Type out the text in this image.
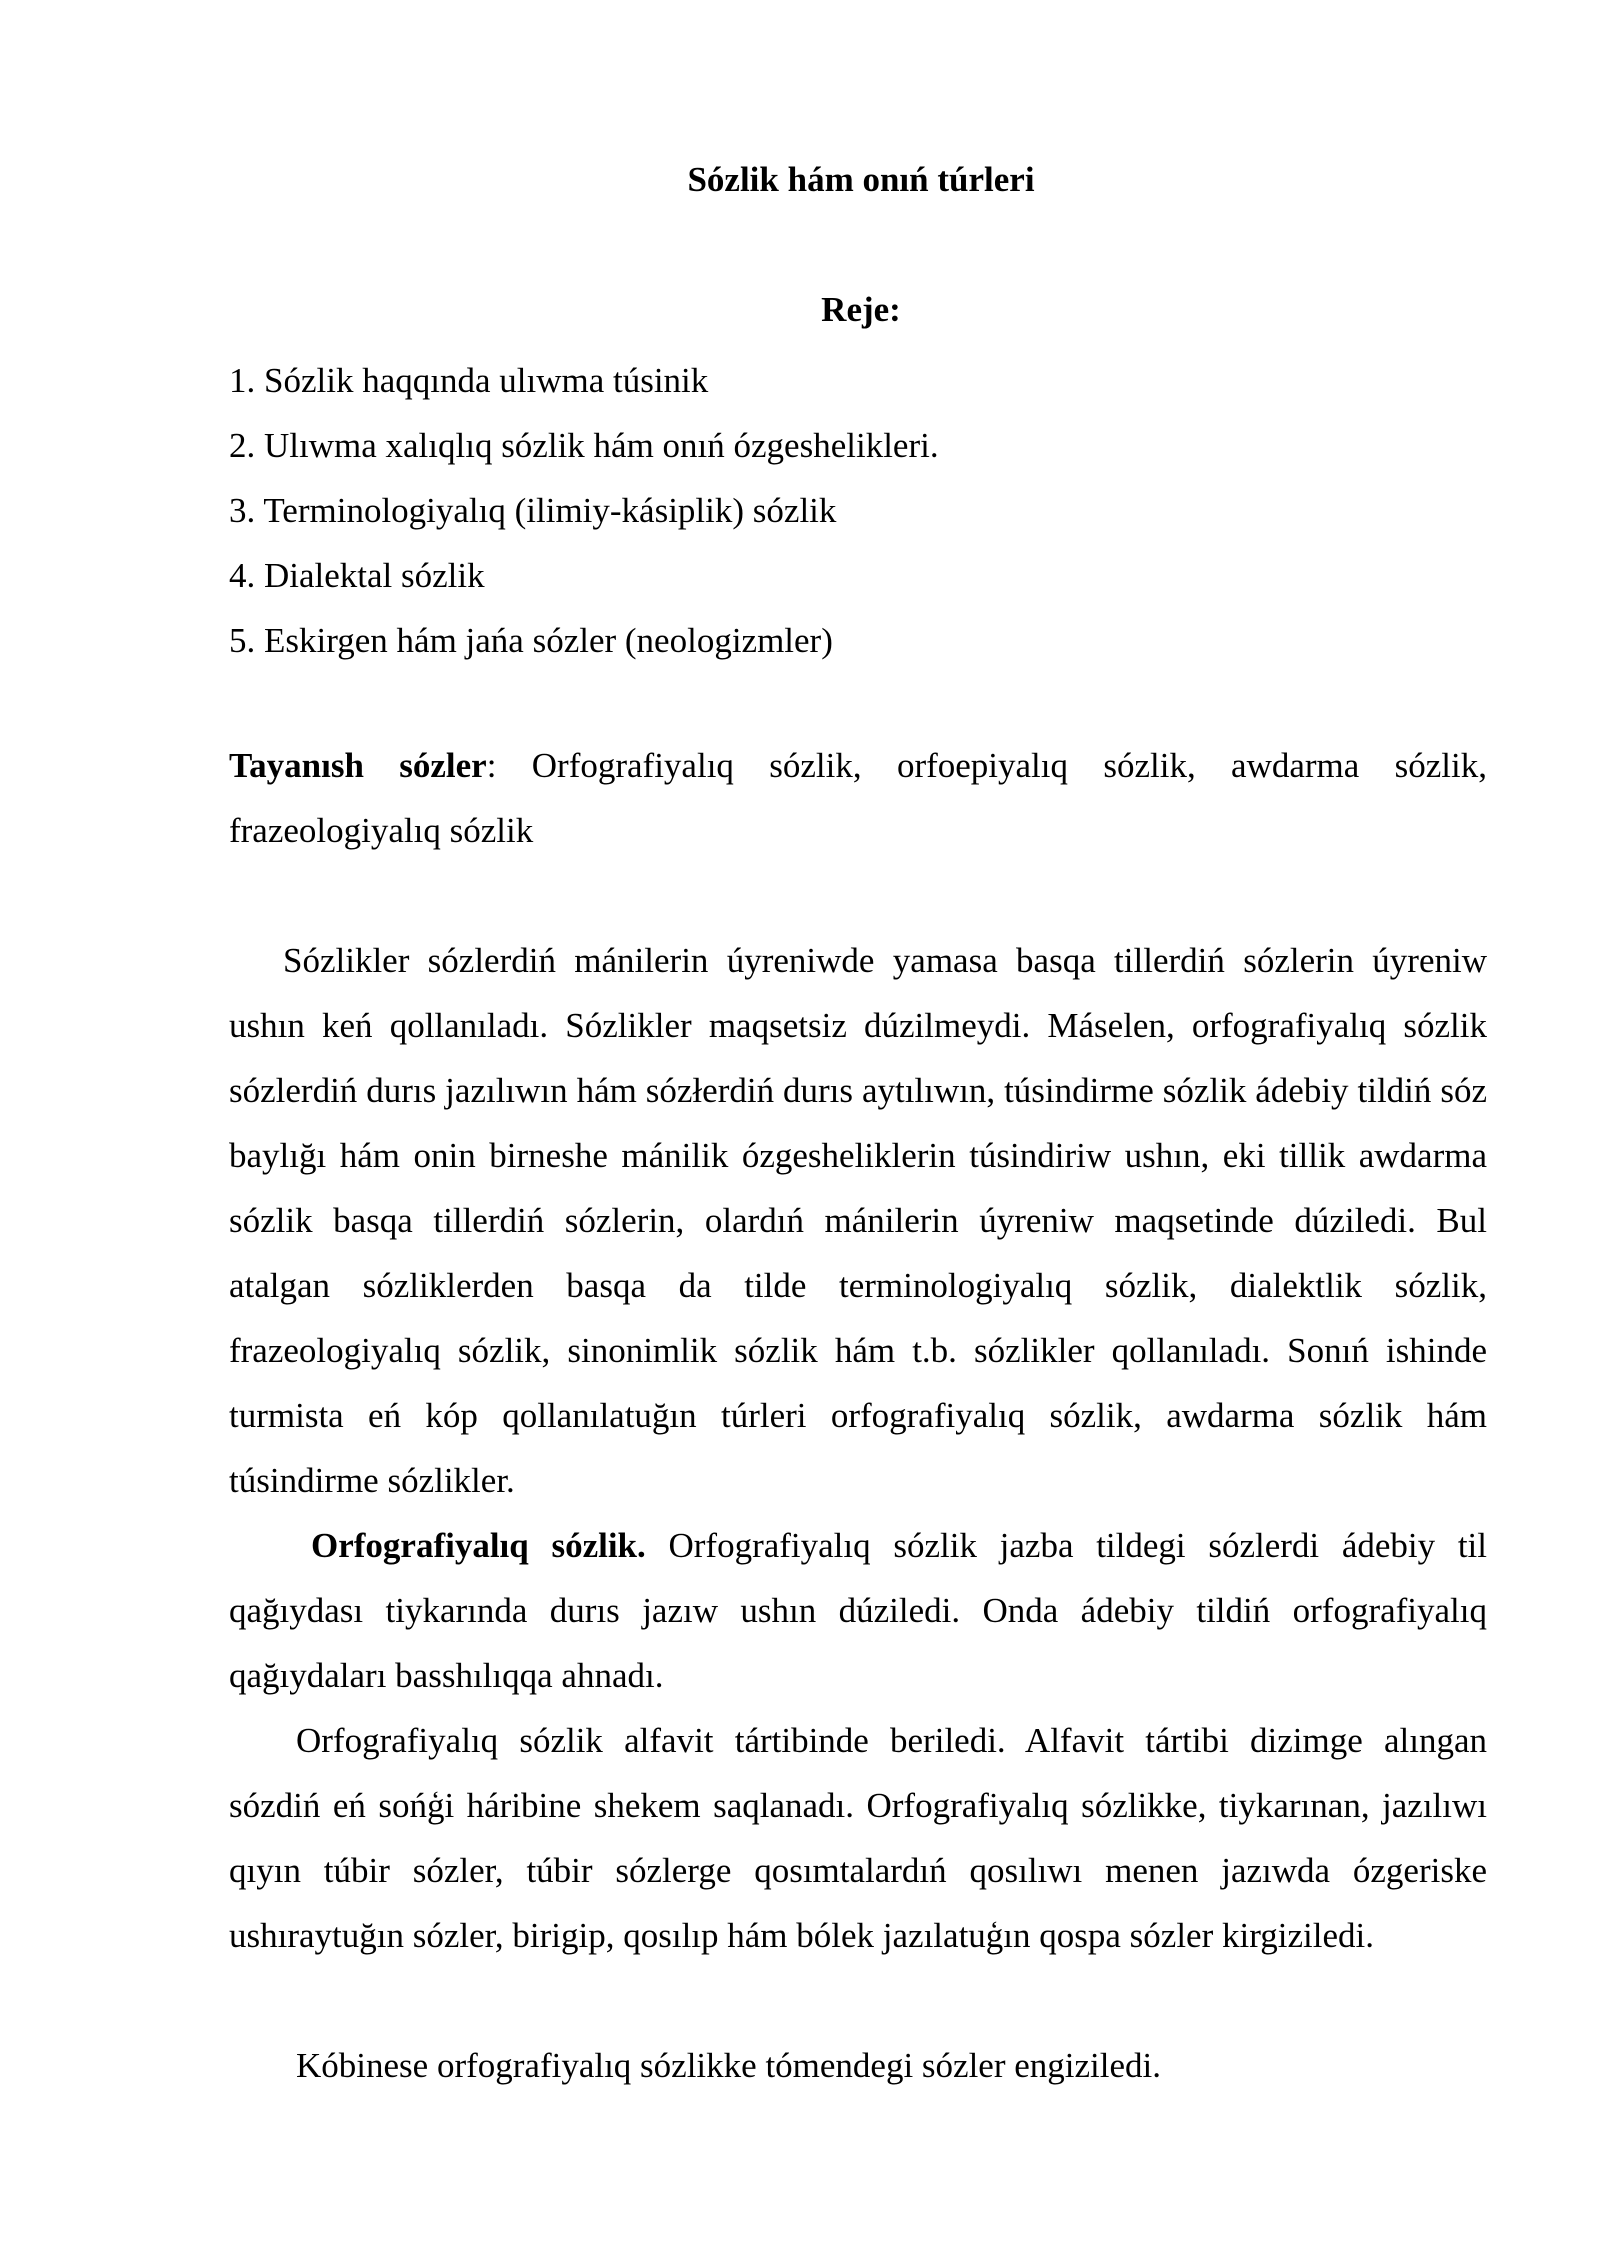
Sózlik hám onıń túrleri
Reje:
1. Sózlik haqqında ulıwma túsinik
2. Ulıwma xalıqlıq sózlik hám onıń ózgeshelikleri.
3. Terminologiyalıq (ilimiy-kásiplik) sózlik
4. Dialektal sózlik
5. Eskirgen hám jańa sózler (neologizmler)

Tayanısh sózler: Orfografiyalıq sózlik, orfoepiyalıq sózlik, awdarma sózlik, frazeologiyalıq sózlik

Sózlikler sózlerdiń mánilerin úyreniwde yamasa basqa tillerdiń sózlerin úyreniw ushın keń qollanıladı. Sózlikler maqsetsiz dúzilmeydi. Máselen, orfografiyalıq sózlik sózlerdiń durıs jazılıwın hám sózłerdiń durıs aytılıwın, túsindirme sózlik ádebiy tildiń sóz baylığı hám onin birneshe mánilik ózgesheliklerin túsindiriw ushın, eki tillik awdarma sózlik basqa tillerdiń sózlerin, olardıń mánilerin úyreniw maqsetinde dúziledi. Bul atalgan sózliklerden basqa da tilde terminologiyalıq sózlik, dialektlik sózlik, frazeologiyalıq sózlik, sinonimlik sózlik hám t.b. sózlikler qollanıladı. Sonıń ishinde turmista eń kóp qollanılatuğın túrleri orfografiyalıq sózlik, awdarma sózlik hám túsindirme sózlikler.

Orfografiyalıq sózlik. Orfografiyalıq sózlik jazba tildegi sózlerdi ádebiy til qağıydası tiykarında durıs jazıw ushın dúziledi. Onda ádebiy tildiń orfografiyalıq qağıydaları basshılıqqa ahnadı.

Orfografiyalıq sózlik alfavit tártibinde beriledi. Alfavit tártibi dizimge alıngan sózdiń eń sońģi háribine shekem saqlanadı. Orfografiyalıq sózlikke, tiykarınan, jazılıwı qıyın túbir sózler, túbir sózlerge qosımtalardıń qosılıwı menen jazıwda ózgeriske ushıraytuğın sózler, birigip, qosılıp hám bólek jazılatuģın qospa sózler kirgiziledi.

Kóbinese orfografiyalıq sózlikke tómendegi sózler engiziledi.
